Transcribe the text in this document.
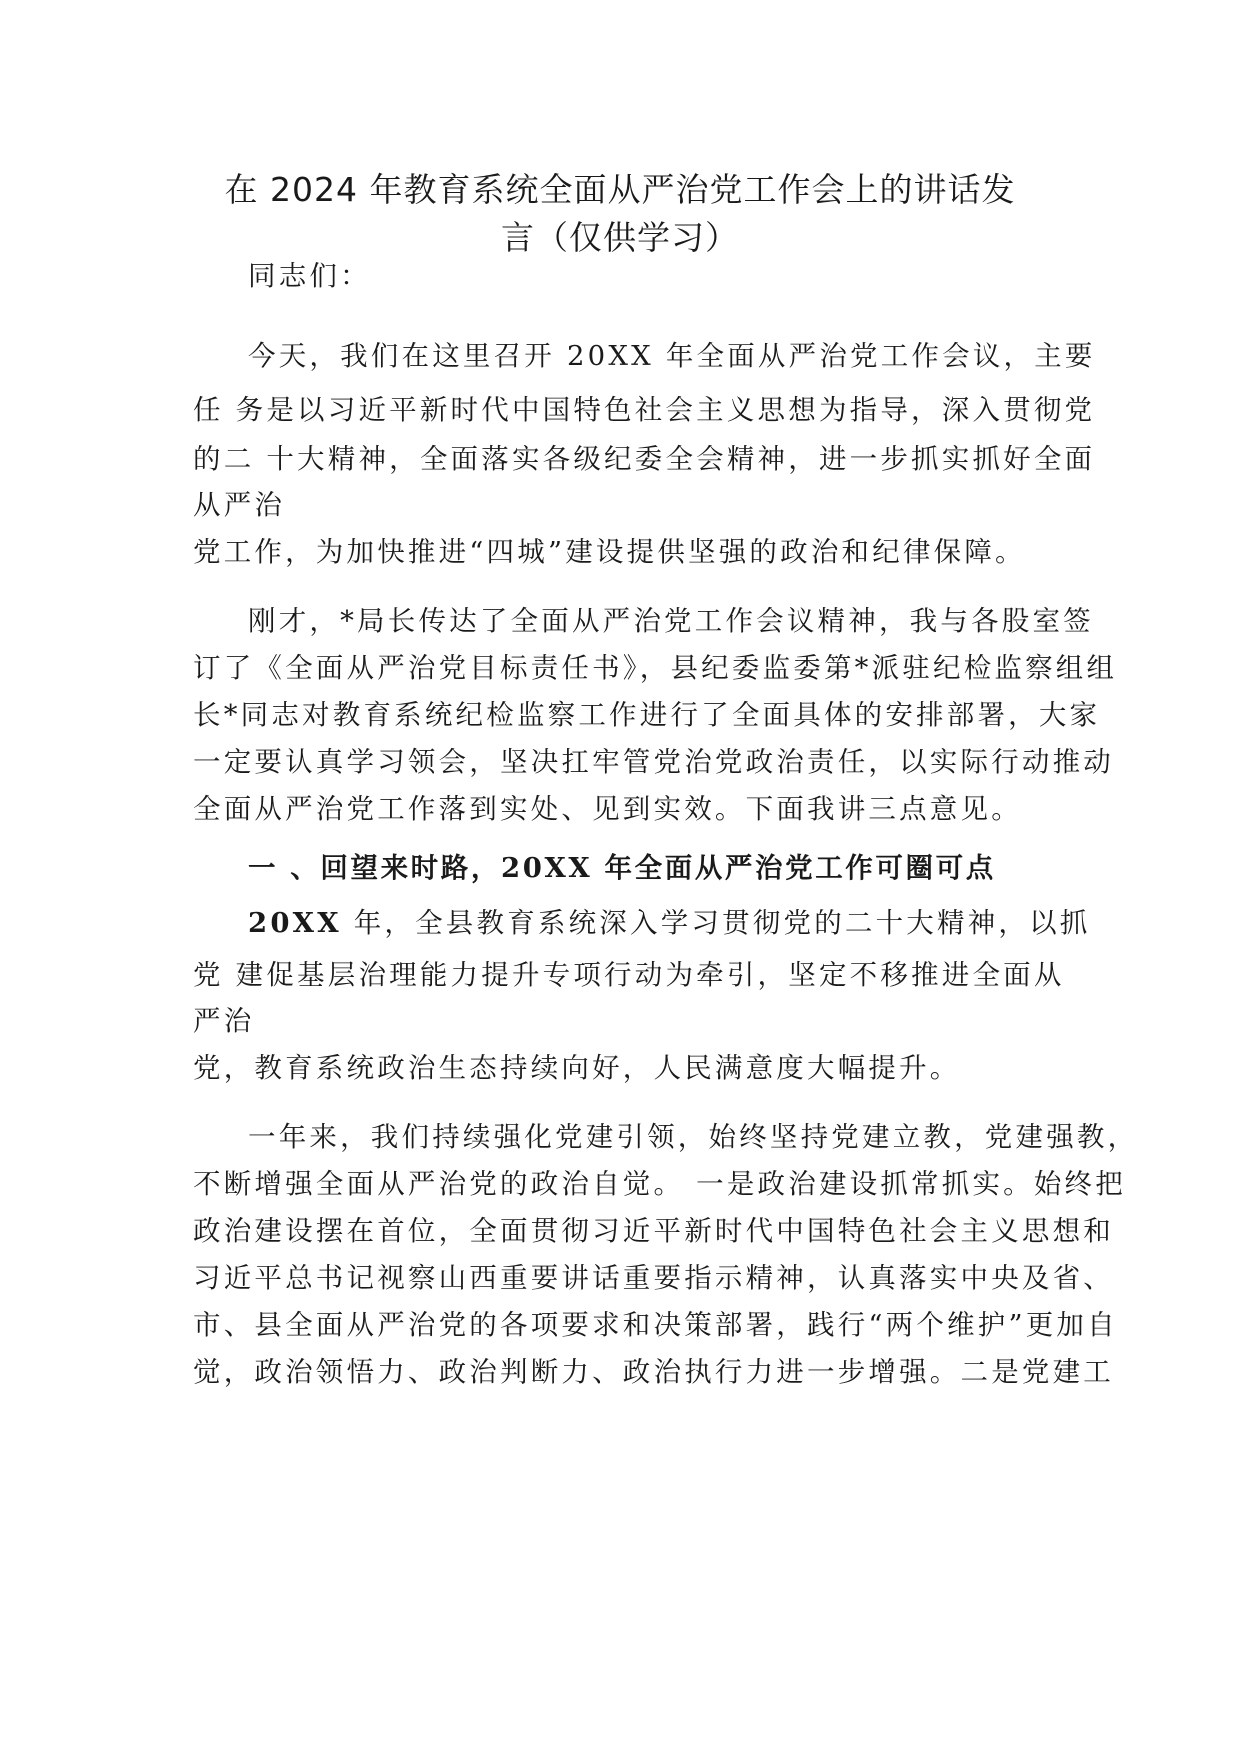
在 2024 年教育系统全面从严治党工作会上的讲话发
言（仅供学习）
同志们：
今天，我们在这里召开 20XX 年全面从严治党工作会议，主要
任 务是以习近平新时代中国特色社会主义思想为指导，深入贯彻党
的二 十大精神，全面落实各级纪委全会精神，进一步抓实抓好全面
从严治
党工作，为加快推进“四城”建设提供坚强的政治和纪律保障。
刚才，*局长传达了全面从严治党工作会议精神，我与各股室签
订了《全面从严治党目标责任书》，县纪委监委第*派驻纪检监察组组
长*同志对教育系统纪检监察工作进行了全面具体的安排部署，大家
一定要认真学习领会，坚决扛牢管党治党政治责任，以实际行动推动
全面从严治党工作落到实处、见到实效。下面我讲三点意见。
一 、回望来时路，20XX 年全面从严治党工作可圈可点
20XX 年，全县教育系统深入学习贯彻党的二十大精神，以抓
党 建促基层治理能力提升专项行动为牵引，坚定不移推进全面从
严治
党，教育系统政治生态持续向好，人民满意度大幅提升。
一年来，我们持续强化党建引领，始终坚持党建立教，党建强教，
不断增强全面从严治党的政治自觉。 一是政治建设抓常抓实。始终把
政治建设摆在首位，全面贯彻习近平新时代中国特色社会主义思想和
习近平总书记视察山西重要讲话重要指示精神，认真落实中央及省、
市、县全面从严治党的各项要求和决策部署，践行“两个维护”更加自
觉，政治领悟力、政治判断力、政治执行力进一步增强。二是党建工
